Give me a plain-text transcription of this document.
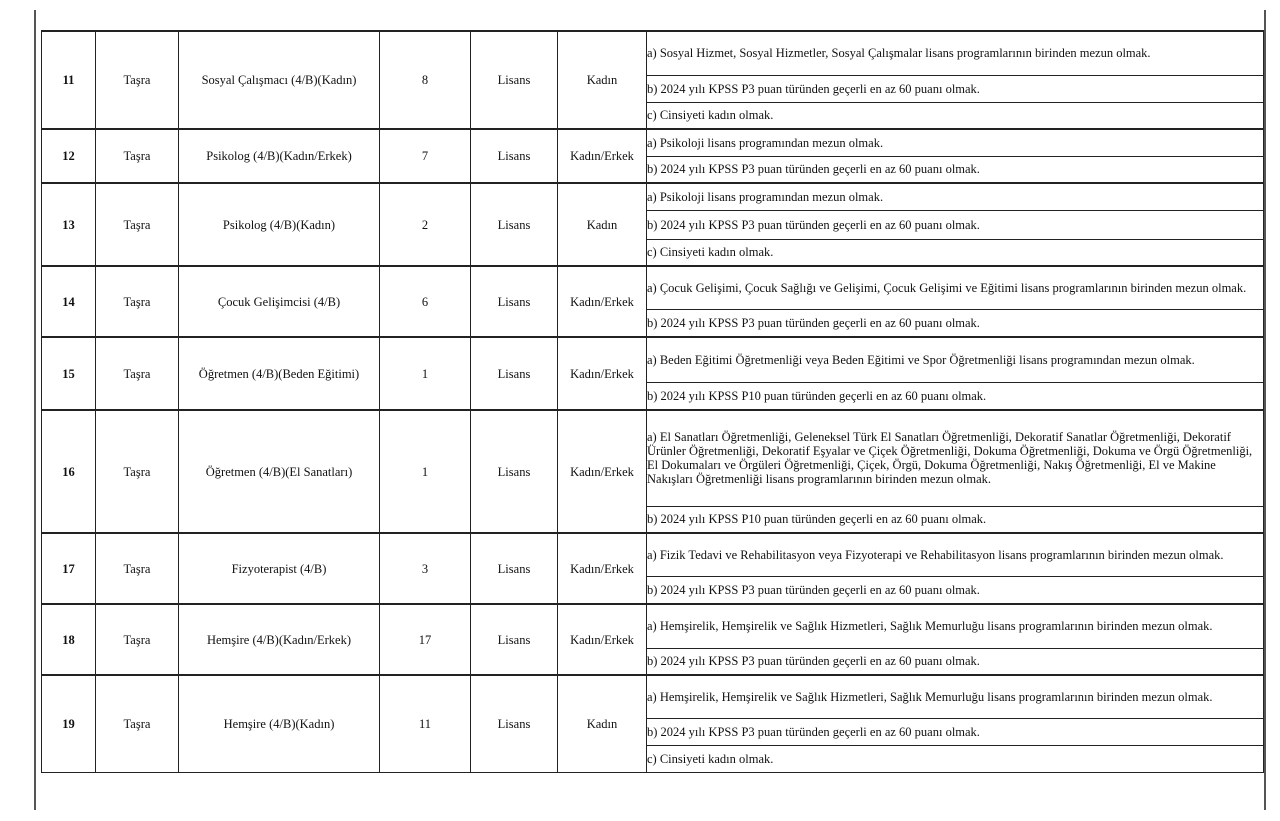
11	Taşra	Sosyal Çalışmacı (4/B)(Kadın)	8	Lisans	Kadın	a) Sosyal Hizmet, Sosyal Hizmetler, Sosyal Çalışmalar lisans programlarının birinden mezun olmak.
						b) 2024 yılı KPSS P3 puan türünden geçerli en az 60 puanı olmak.
						c) Cinsiyeti kadın olmak.
12	Taşra	Psikolog (4/B)(Kadın/Erkek)	7	Lisans	Kadın/Erkek	a) Psikoloji lisans programından mezun olmak.
						b) 2024 yılı KPSS P3 puan türünden geçerli en az 60 puanı olmak.
13	Taşra	Psikolog (4/B)(Kadın)	2	Lisans	Kadın	a) Psikoloji lisans programından mezun olmak.
						b) 2024 yılı KPSS P3 puan türünden geçerli en az 60 puanı olmak.
						c) Cinsiyeti kadın olmak.
14	Taşra	Çocuk Gelişimcisi (4/B)	6	Lisans	Kadın/Erkek	a) Çocuk Gelişimi, Çocuk Sağlığı ve Gelişimi, Çocuk Gelişimi ve Eğitimi lisans programlarının birinden mezun olmak.
						b) 2024 yılı KPSS P3 puan türünden geçerli en az 60 puanı olmak.
15	Taşra	Öğretmen (4/B)(Beden Eğitimi)	1	Lisans	Kadın/Erkek	a) Beden Eğitimi Öğretmenliği veya Beden Eğitimi ve Spor Öğretmenliği lisans programından mezun olmak.
						b) 2024 yılı KPSS P10 puan türünden geçerli en az 60 puanı olmak.
16	Taşra	Öğretmen (4/B)(El Sanatları)	1	Lisans	Kadın/Erkek	a) El Sanatları Öğretmenliği, Geleneksel Türk El Sanatları Öğretmenliği, Dekoratif Sanatlar Öğretmenliği, Dekoratif Ürünler Öğretmenliği, Dekoratif Eşyalar ve Çiçek Öğretmenliği, Dokuma Öğretmenliği, Dokuma ve Örgü Öğretmenliği, El Dokumaları ve Örgüleri Öğretmenliği, Çiçek, Örgü, Dokuma Öğretmenliği, Nakış Öğretmenliği, El ve Makine Nakışları Öğretmenliği lisans programlarının birinden mezun olmak.
						b) 2024 yılı KPSS P10 puan türünden geçerli en az 60 puanı olmak.
17	Taşra	Fizyoterapist (4/B)	3	Lisans	Kadın/Erkek	a) Fizik Tedavi ve Rehabilitasyon veya Fizyoterapi ve Rehabilitasyon lisans programlarının birinden mezun olmak.
						b) 2024 yılı KPSS P3 puan türünden geçerli en az 60 puanı olmak.
18	Taşra	Hemşire (4/B)(Kadın/Erkek)	17	Lisans	Kadın/Erkek	a) Hemşirelik, Hemşirelik ve Sağlık Hizmetleri, Sağlık Memurluğu lisans programlarının birinden mezun olmak.
						b) 2024 yılı KPSS P3 puan türünden geçerli en az 60 puanı olmak.
19	Taşra	Hemşire (4/B)(Kadın)	11	Lisans	Kadın	a) Hemşirelik, Hemşirelik ve Sağlık Hizmetleri, Sağlık Memurluğu lisans programlarının birinden mezun olmak.
						b) 2024 yılı KPSS P3 puan türünden geçerli en az 60 puanı olmak.
						c) Cinsiyeti kadın olmak.
